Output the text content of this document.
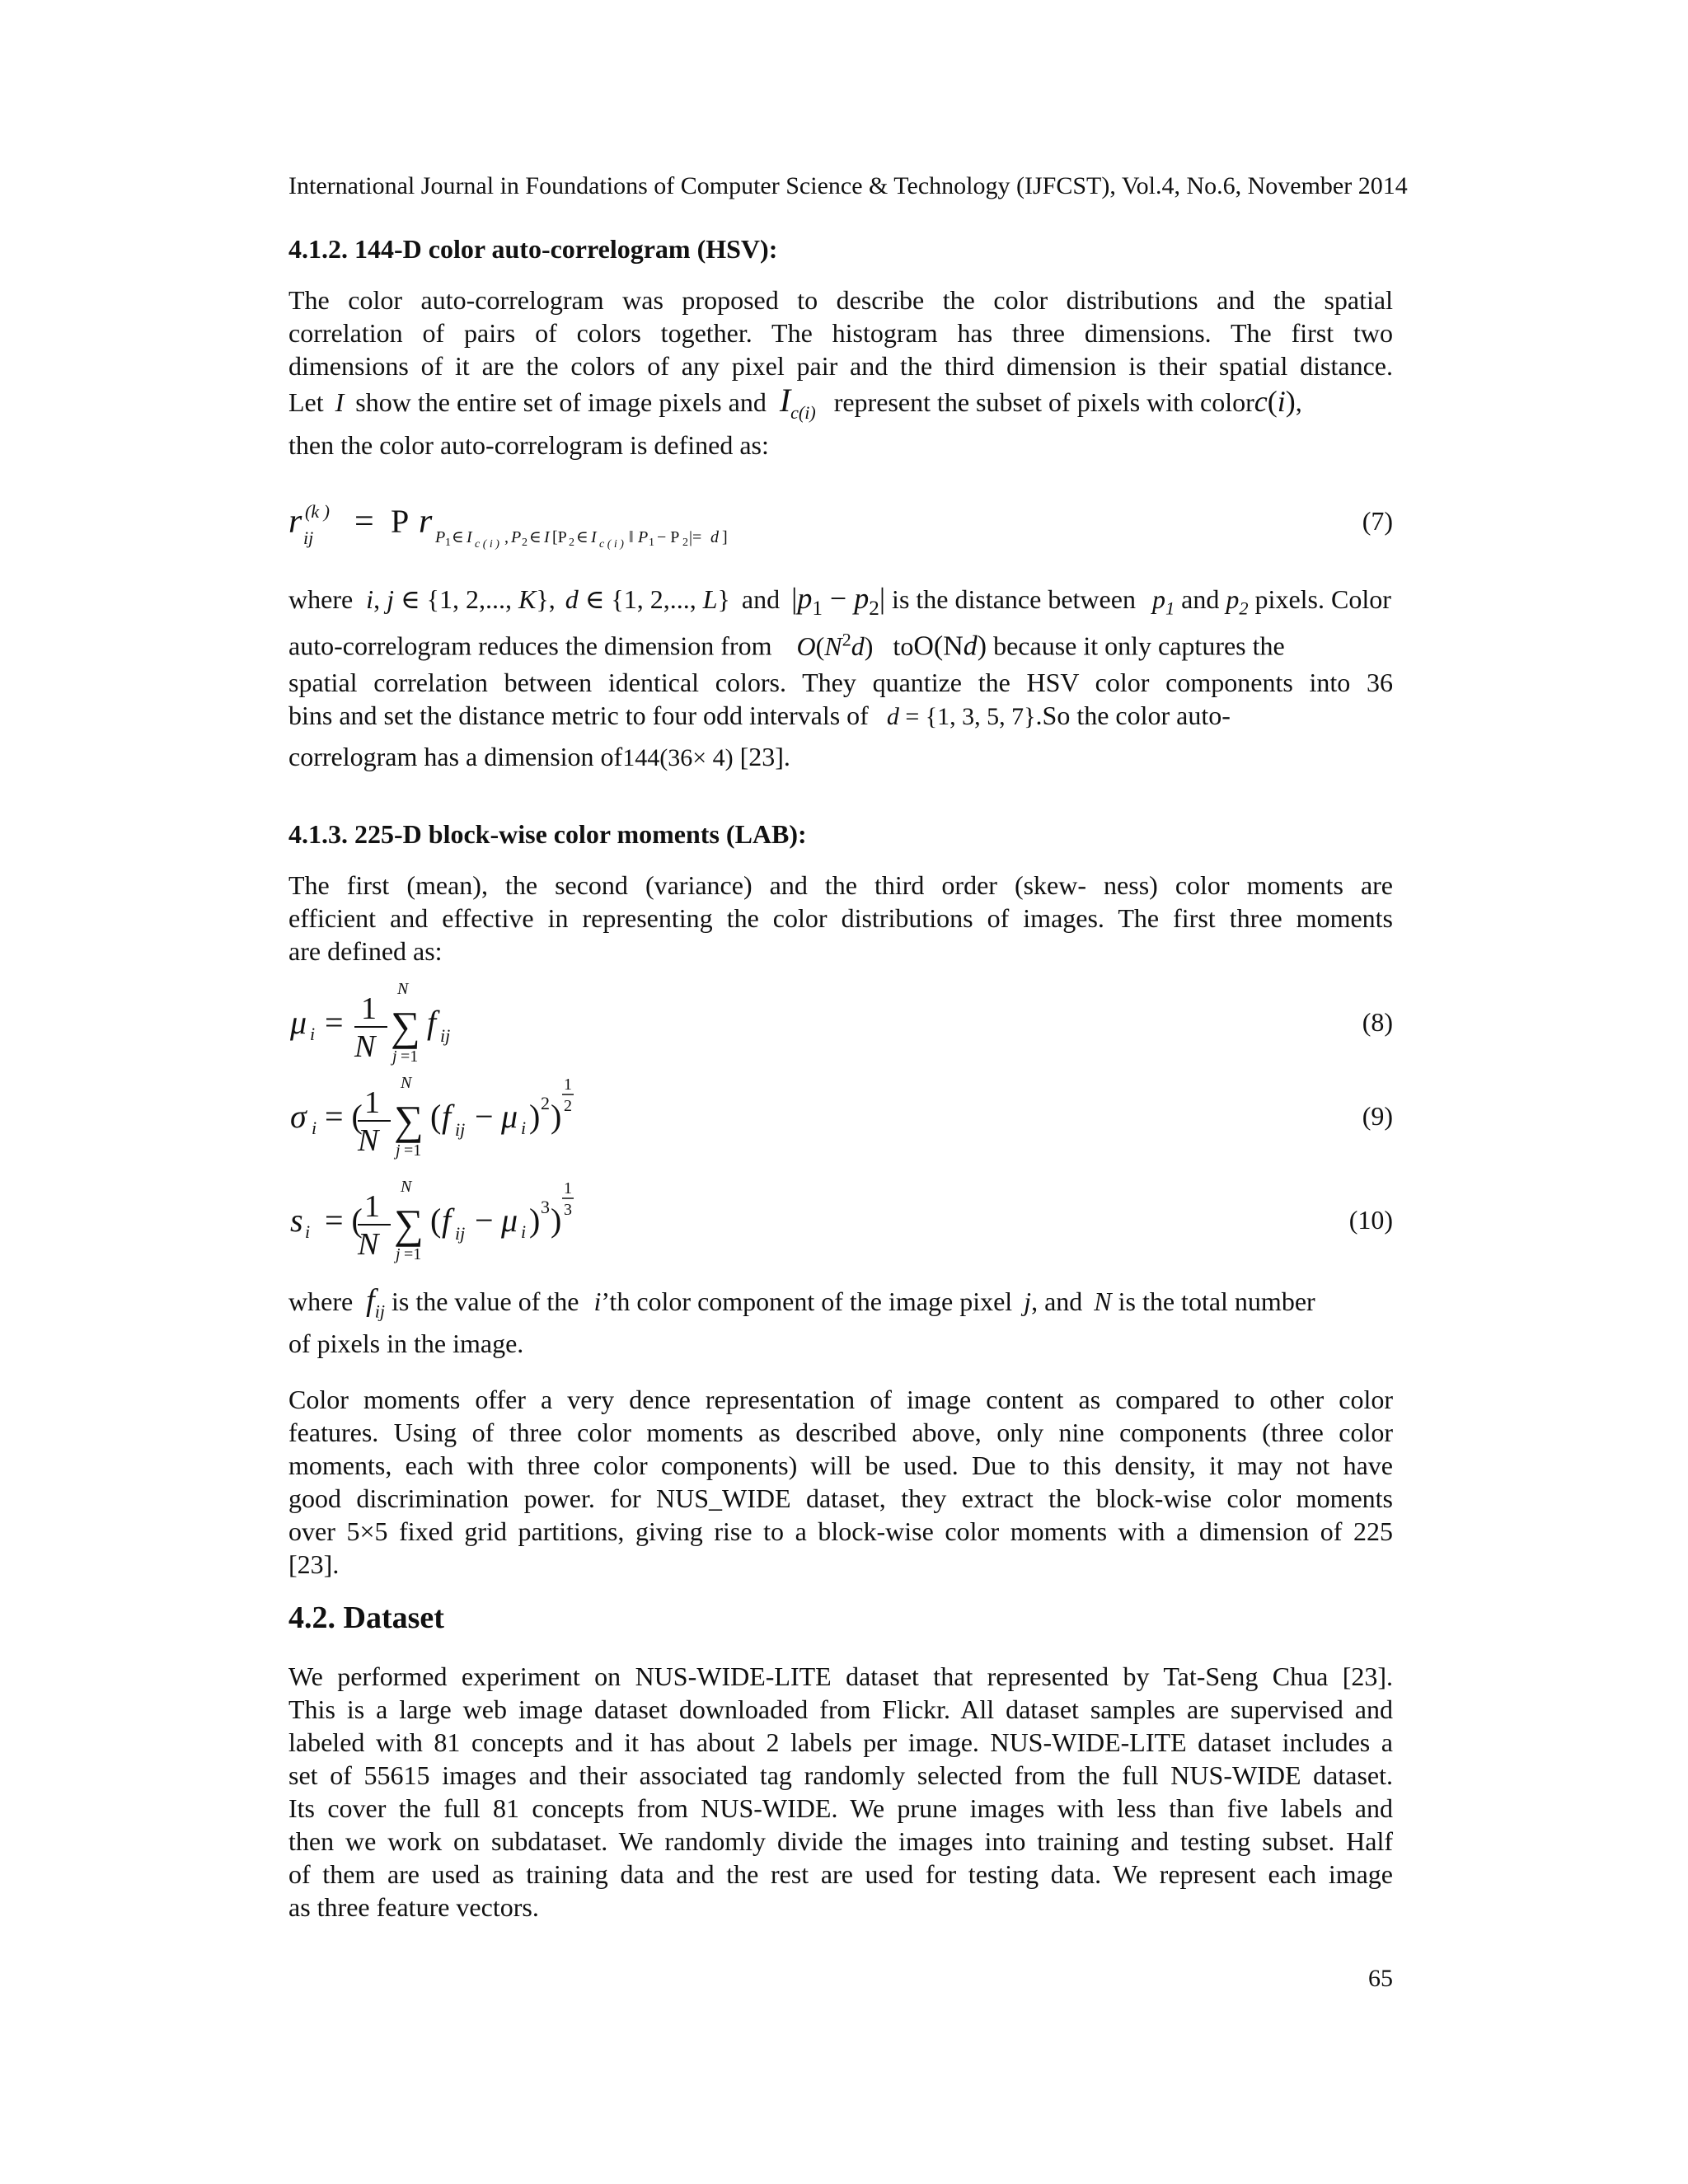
International Journal in Foundations of Computer Science & Technology (IJFCST), Vol.4, No.6, November 2014
4.1.2. 144-D color auto-correlogram (HSV):
The color auto-correlogram was proposed to describe the color distributions and the spatial
correlation of pairs of colors together. The histogram has three dimensions. The first two
dimensions of it are the colors of any pixel pair and the third dimension is their spatial distance.
Let I show the entire set of image pixels and $I_{c(i)}$ represent the subset of pixels with colorc(i),
then the color auto-correlogram is defined as:
r (k )
ij = P r P 1 ∈ I c ( i ) , P 2 ∈ I [P 2 ∈ I c ( i ) ‖ P 1 − P 2 |= d ]
(7)
where i, j ∈ {1, 2,..., K}, d ∈ {1, 2,..., L} and $|p_1 - p_2|$ is the distance between $p_1$ and $p_2$ pixels. Color
auto-correlogram reduces the dimension from $O(N^2d)$ toO(Nd) because it only captures the
spatial correlation between identical colors. They quantize the HSV color components into 36
bins and set the distance metric to four odd intervals of d = {1, 3, 5, 7}.So the color auto-
correlogram has a dimension of144(36× 4) [23].
4.1.3. 225-D block-wise color moments (LAB):
The first (mean), the second (variance) and the third order (skew- ness) color moments are
efficient and effective in representing the color distributions of images. The first three moments
are defined as:
μ i = 1
N
N
∑
j =1
f ij	(8)
σ i = ( 1
N
N
∑
j =1
( f ij − μ i ) 2 )
1
2	(9)
s i = ( 1
N
N
∑
j =1
( f ij − μ i ) 3 )
1
3	(10)
where $f_{ij}$ is the value of the i’th color component of the image pixel j, and N is the total number
of pixels in the image.
Color moments offer a very dence representation of image content as compared to other color
features. Using of three color moments as described above, only nine components (three color
moments, each with three color components) will be used. Due to this density, it may not have
good discrimination power. for NUS_WIDE dataset, they extract the block-wise color moments
over 5×5 fixed grid partitions, giving rise to a block-wise color moments with a dimension of 225
[23].
4.2. Dataset
We performed experiment on NUS-WIDE-LITE dataset that represented by Tat-Seng Chua [23].
This is a large web image dataset downloaded from Flickr. All dataset samples are supervised and
labeled with 81 concepts and it has about 2 labels per image. NUS-WIDE-LITE dataset includes a
set of 55615 images and their associated tag randomly selected from the full NUS-WIDE dataset.
Its cover the full 81 concepts from NUS-WIDE. We prune images with less than five labels and
then we work on subdataset. We randomly divide the images into training and testing subset. Half
of them are used as training data and the rest are used for testing data. We represent each image
as three feature vectors.
65
